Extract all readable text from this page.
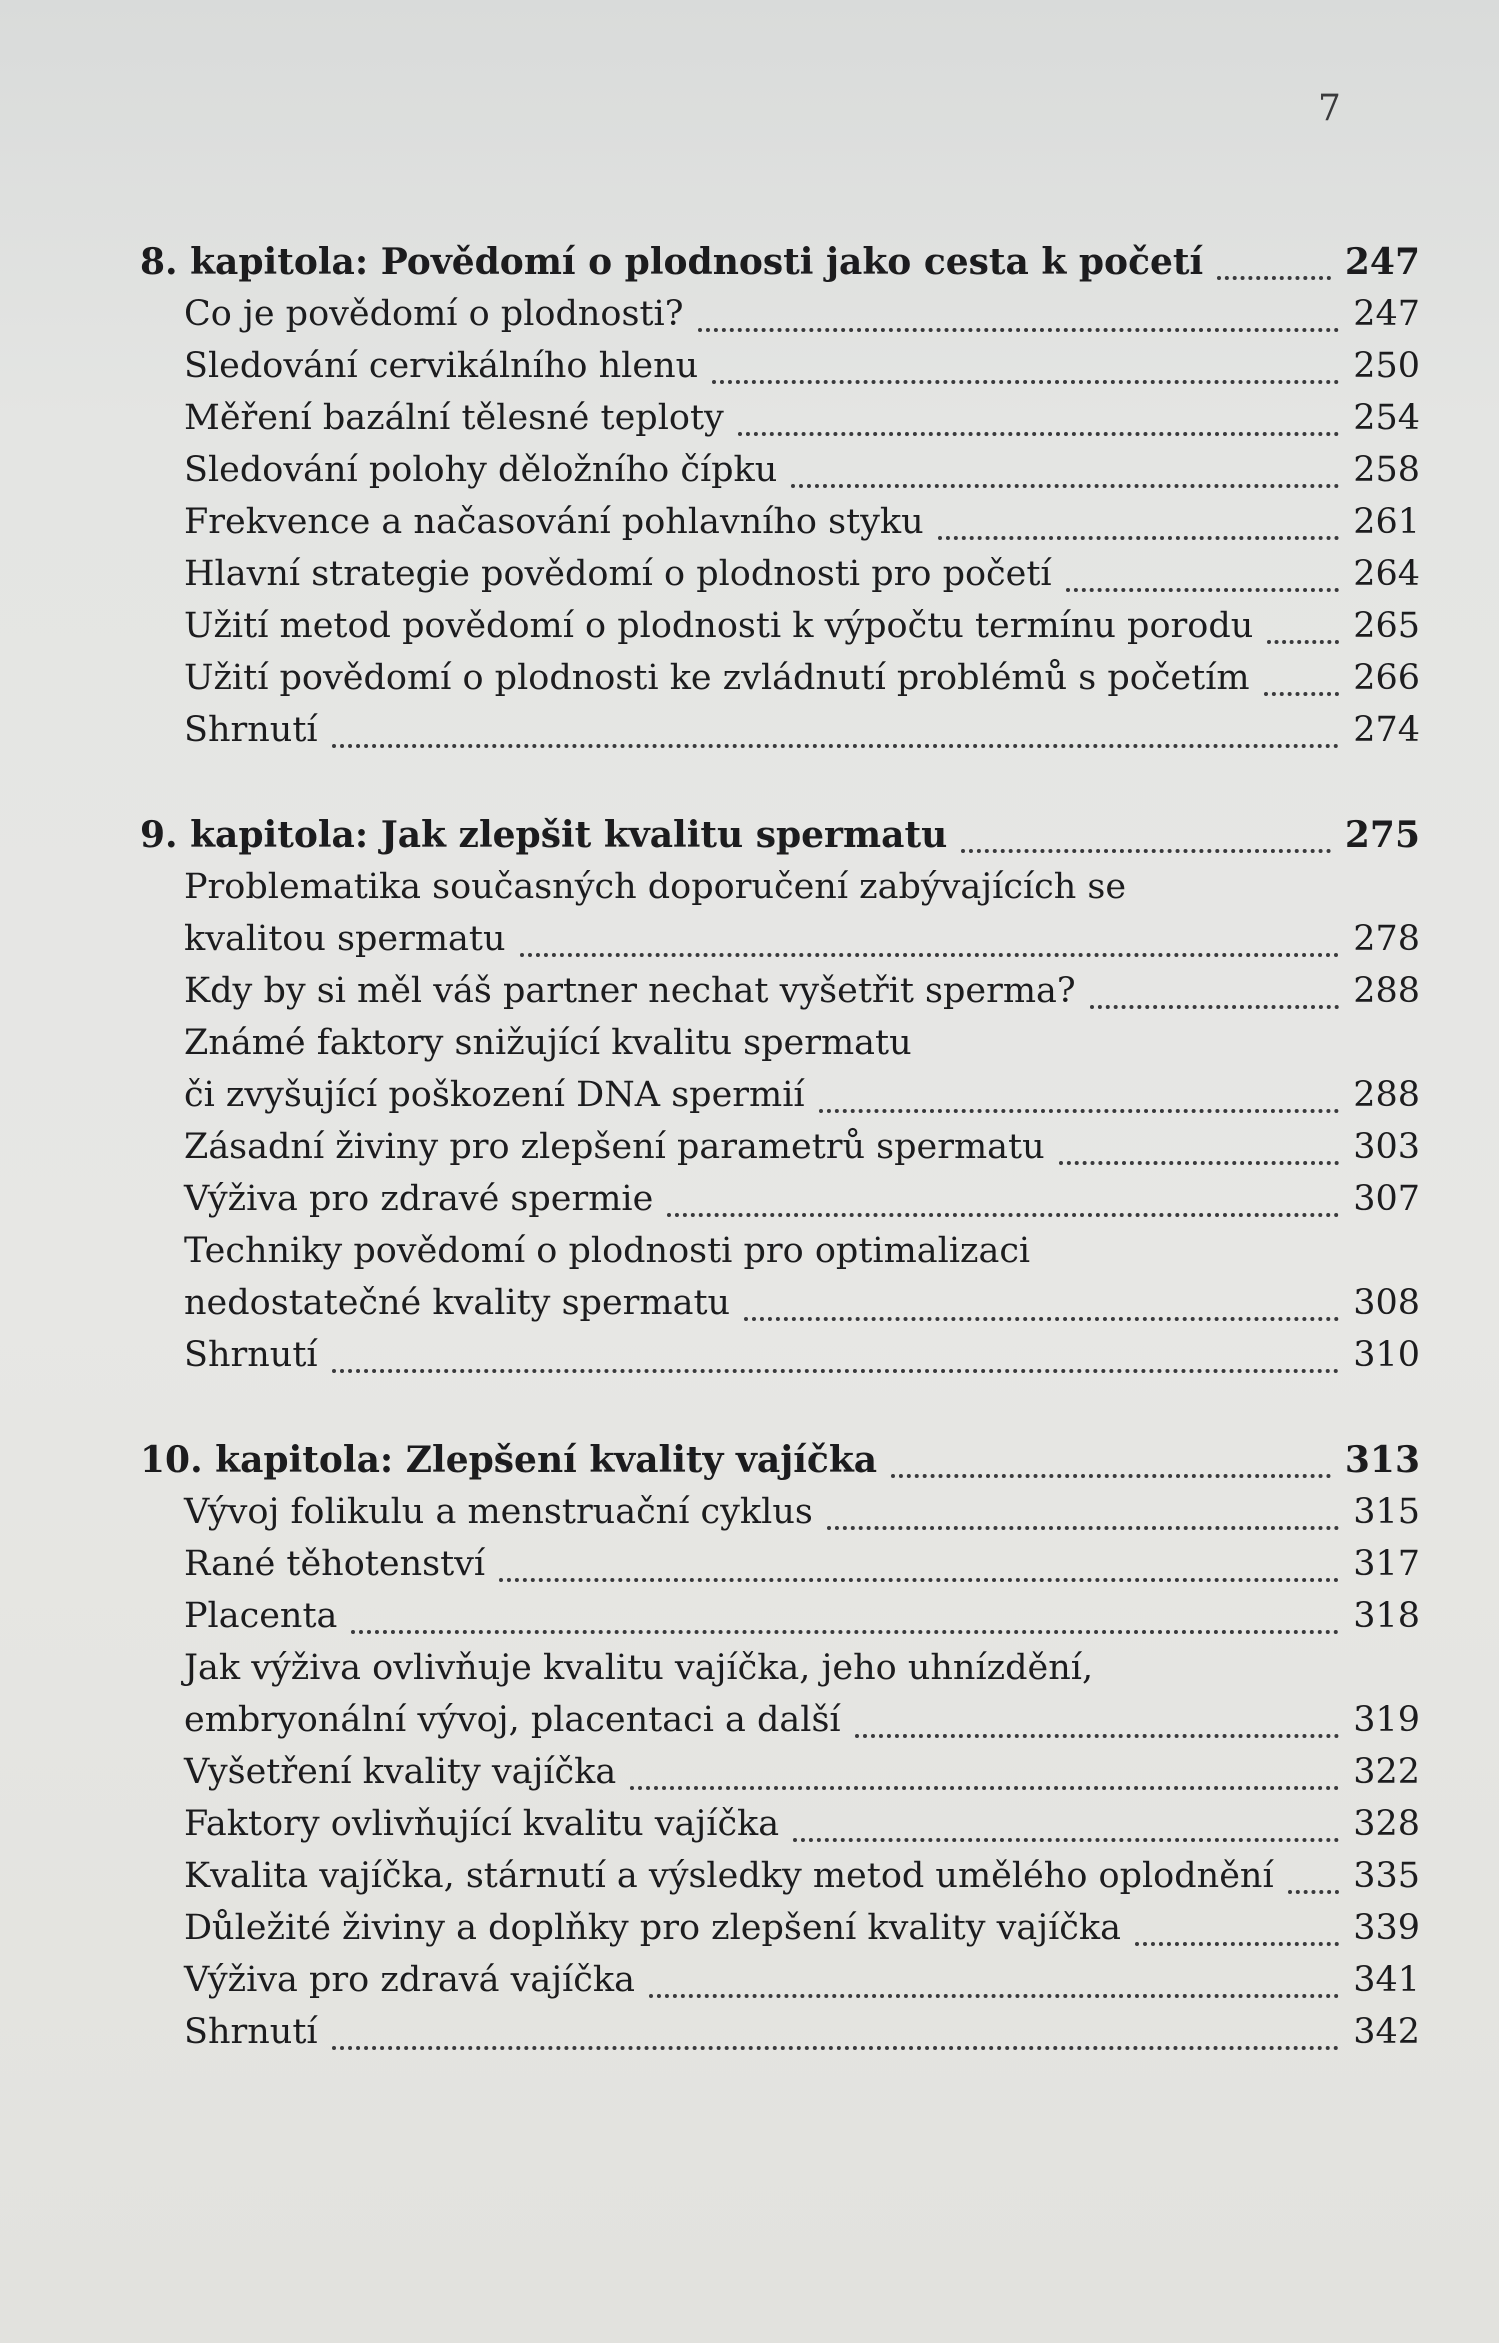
7
8. kapitola: Povědomí o plodnosti jako cesta k početí	247
Co je povědomí o plodnosti?	247
Sledování cervikálního hlenu	250
Měření bazální tělesné teploty	254
Sledování polohy děložního čípku	258
Frekvence a načasování pohlavního styku	261
Hlavní strategie povědomí o plodnosti pro početí	264
Užití metod povědomí o plodnosti k výpočtu termínu porodu	265
Užití povědomí o plodnosti ke zvládnutí problémů s početím	266
Shrnutí	274
9. kapitola: Jak zlepšit kvalitu spermatu	275
Problematika současných doporučení zabývajících se
kvalitou spermatu	278
Kdy by si měl váš partner nechat vyšetřit sperma?	288
Známé faktory snižující kvalitu spermatu
či zvyšující poškození DNA spermií	288
Zásadní živiny pro zlepšení parametrů spermatu	303
Výživa pro zdravé spermie	307
Techniky povědomí o plodnosti pro optimalizaci
nedostatečné kvality spermatu	308
Shrnutí	310
10. kapitola: Zlepšení kvality vajíčka	313
Vývoj folikulu a menstruační cyklus	315
Rané těhotenství	317
Placenta	318
Jak výživa ovlivňuje kvalitu vajíčka, jeho uhnízdění,
embryonální vývoj, placentaci a další	319
Vyšetření kvality vajíčka	322
Faktory ovlivňující kvalitu vajíčka	328
Kvalita vajíčka, stárnutí a výsledky metod umělého oplodnění 335
Důležité živiny a doplňky pro zlepšení kvality vajíčka	339
Výživa pro zdravá vajíčka	341
Shrnutí	342
